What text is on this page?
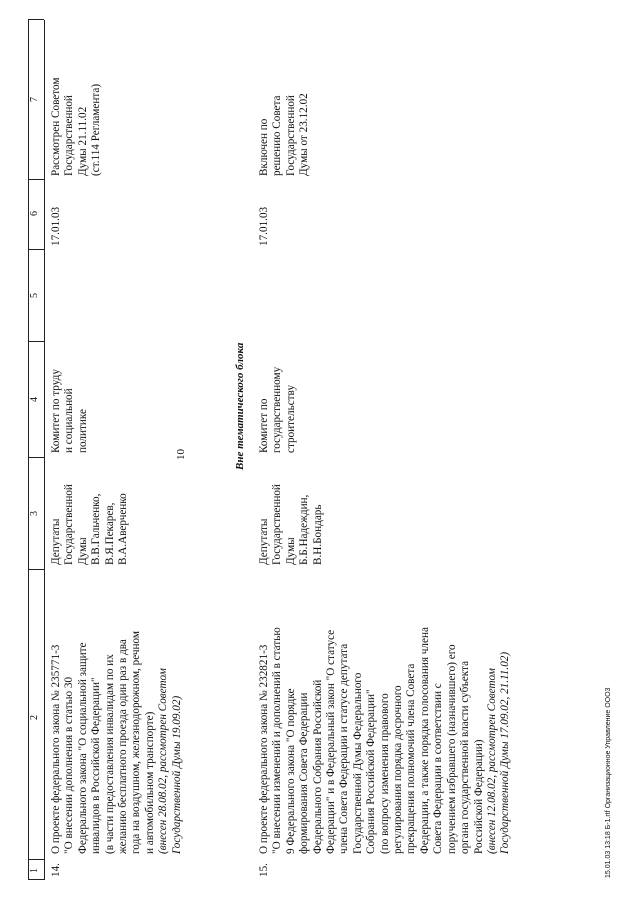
10
1
2
3
4
5
6
7
14.
О проекте федерального закона № 235771-3 "О внесении дополнения в статью 30 Федерального закона "О социальной защите инвалидов в Российской Федерации" (в части предоставления инвалидам по их желанию бесплатного проезда один раз в два года на воздушном, железнодорожном, речном и автомобильном транспорте) (внесен 28.08.02, рассмотрен Советом Государственной Думы 19.09.02)
Депутаты Государственной Думы В.В.Гальченко, В.Я.Пекарев, В.А.Аверченко
Комитет по труду и социальной политике
17.01.03
Рассмотрен Советом Государственной Думы 21.11.02 (ст.114 Регламента)
Вне тематического блока
15.
О проекте федерального закона № 232821-3 "О внесении изменений и дополнений в статью 9 Федерального закона "О порядке формирования Совета Федерации Федерального Собрания Российской Федерации" и в Федеральный закон "О статусе члена Совета Федерации и статусе депутата Государственной Думы Федерального Собрания Российской Федерации" (по вопросу изменения правового регулирования порядка досрочного прекращения полномочий члена Совета Федерации, а также порядка голосования члена Совета Федерации в соответствии с поручением избравшего (назначившего) его органа государственной власти субъекта Российской Федерации) (внесен 12.08.02, рассмотрен Советом Государственной Думы 17.09.02, 21.11.02)
Депутаты Государственной Думы Б.Б.Надеждин, В.Н.Бондарь
Комитет по государственному строительству
17.01.03
Включен по решению Совета Государственной Думы от 23.12.02
15.01.03 13:18 Б-1.rtf Организационное Управление ООО3
